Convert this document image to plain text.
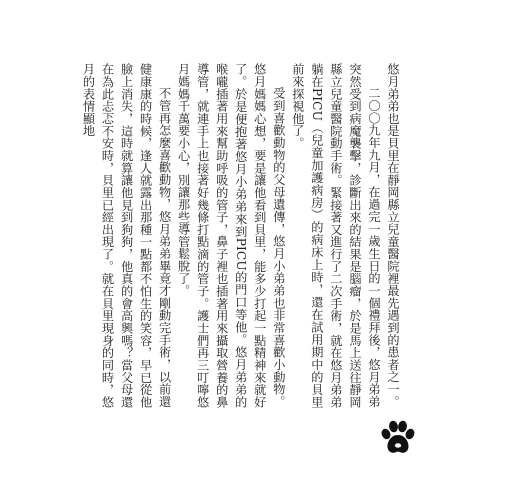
悠月弟弟也是貝里在靜岡縣立兒童醫院裡最先遇到的患者之一。

二〇〇九年九月，在過完一歲生日的一個禮拜後，悠月弟弟突然受到病魔襲擊，診斷出來的結果是腦瘤，於是馬上送往靜岡縣立兒童醫院動手術。緊接著又進行了二次手術，就在悠月弟弟躺在PICU（兒童加護病房）的病床上時，還在試用期中的貝里前來探視他了。

受到喜歡動物的父母遺傳，悠月小弟弟也非常喜歡小動物。悠月媽媽心想，要是讓他看到貝里，能多少打起一點精神來就好了。於是便抱著悠月小弟弟來到PICU的門口等他。悠月弟弟的喉嚨插著用來幫助呼吸的管子，鼻子裡也插著用來攝取營養的鼻導管，就連手上也接著好幾條打點滴的管子。護士們再三叮嚀悠月媽媽千萬要小心，別讓那些導管鬆脫了。

不管再怎麼喜歡動物，悠月弟弟畢竟才剛動完手術，以前還健康康的時候，逢人就露出那種一點都不怕生的笑容，早已從他臉上消失，這時就算讓他見到狗狗，他真的會高興嗎？當父母還在為此忐忑不安時，貝里已經出現了。就在貝里現身的同時，悠月的表情顯地
